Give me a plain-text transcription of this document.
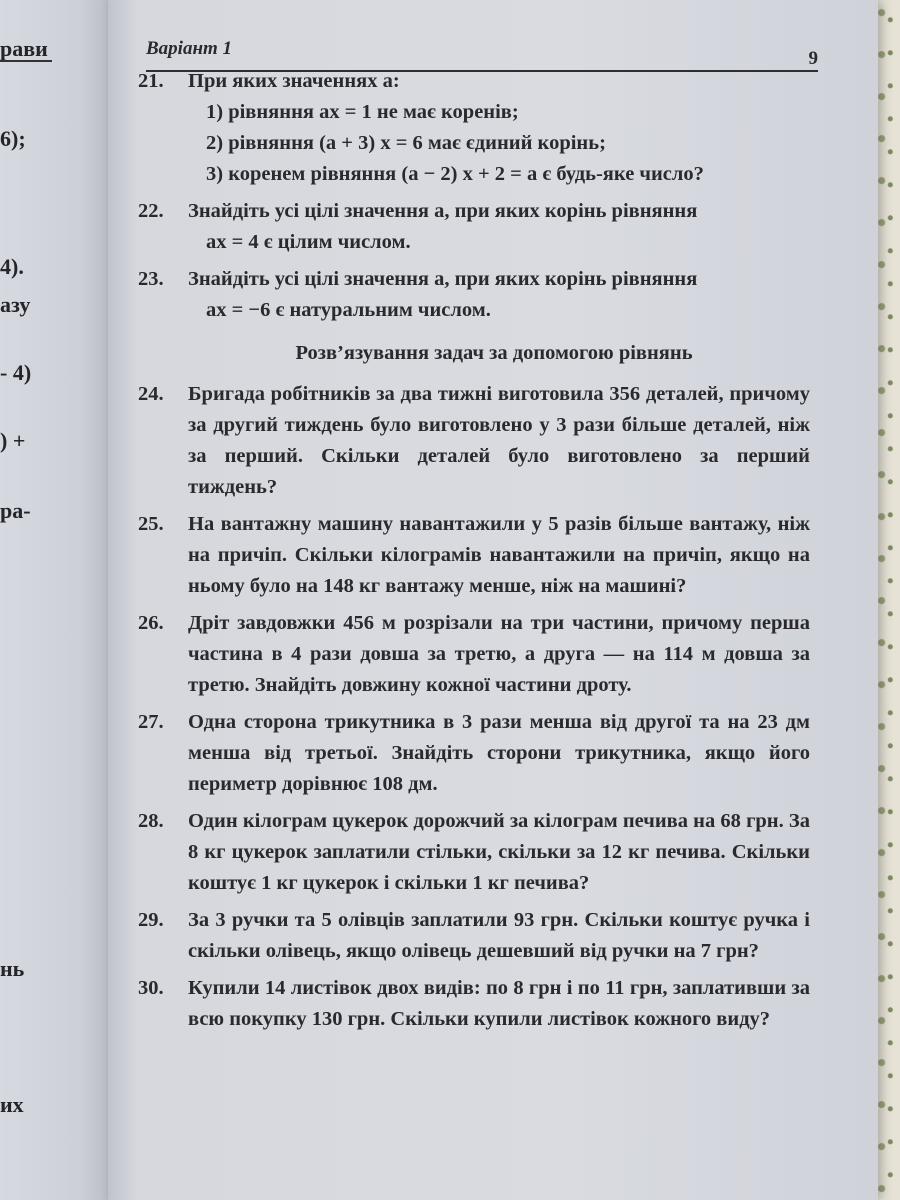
рави
6);
4).
азу
- 4)
) +
ра-
нь
их
Варіант 1	9
21. При яких значеннях a:
1) рівняння ax = 1 не має коренів;
2) рівняння (a + 3) x = 6 має єдиний корінь;
3) коренем рівняння (a − 2) x + 2 = a є будь-яке число?
22. Знайдіть усі цілі значення a, при яких корінь рівняння
ax = 4 є цілим числом.
23. Знайдіть усі цілі значення a, при яких корінь рівняння
ax = −6 є натуральним числом.
Розв’язування задач за допомогою рівнянь
24. Бригада робітників за два тижні виготовила 356 деталей, причому за другий тиждень було виготовлено у 3 рази більше деталей, ніж за перший. Скільки деталей було виготовлено за перший тиждень?
25. На вантажну машину навантажили у 5 разів більше вантажу, ніж на причіп. Скільки кілограмів навантажили на причіп, якщо на ньому було на 148 кг вантажу менше, ніж на машині?
26. Дріт завдовжки 456 м розрізали на три частини, причому перша частина в 4 рази довша за третю, а друга — на 114 м довша за третю. Знайдіть довжину кожної частини дроту.
27. Одна сторона трикутника в 3 рази менша від другої та на 23 дм менша від третьої. Знайдіть сторони трикутника, якщо його периметр дорівнює 108 дм.
28. Один кілограм цукерок дорожчий за кілограм печива на 68 грн. За 8 кг цукерок заплатили стільки, скільки за 12 кг печива. Скільки коштує 1 кг цукерок і скільки 1 кг печива?
29. За 3 ручки та 5 олівців заплатили 93 грн. Скільки коштує ручка і скільки олівець, якщо олівець дешевший від ручки на 7 грн?
30. Купили 14 листівок двох видів: по 8 грн і по 11 грн, заплативши за всю покупку 130 грн. Скільки купили листівок кожного виду?
